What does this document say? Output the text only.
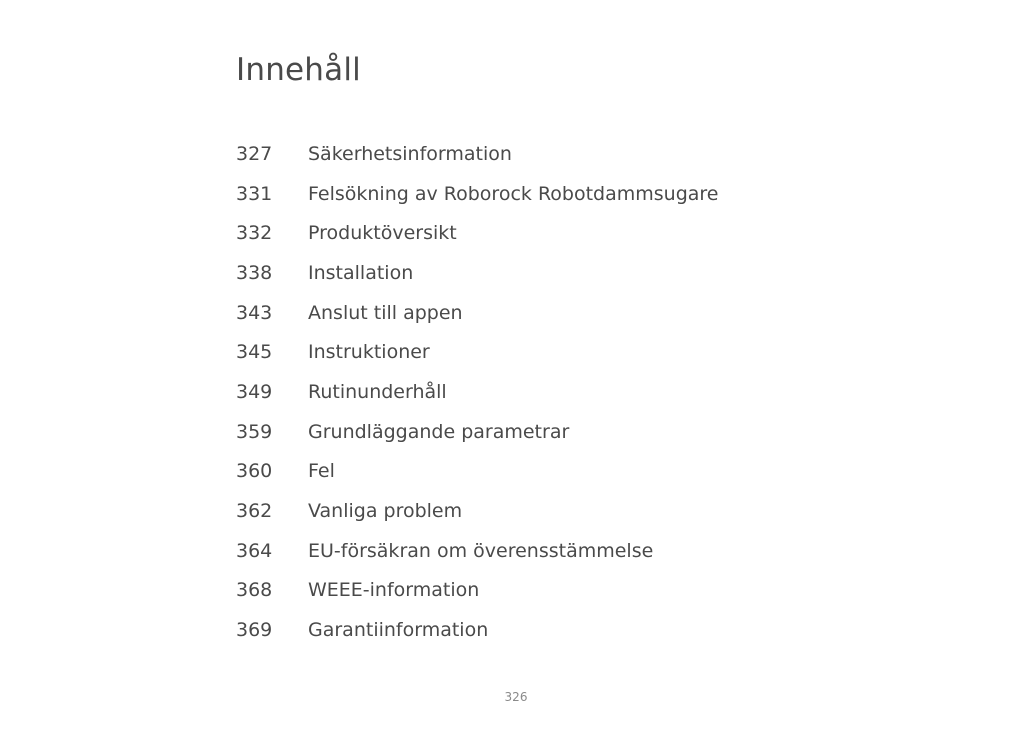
Innehåll
327	Säkerhetsinformation
331	Felsökning av Roborock Robotdammsugare
332	Produktöversikt
338	Installation
343	Anslut till appen
345	Instruktioner
349	Rutinunderhåll
359	Grundläggande parametrar
360	Fel
362	Vanliga problem
364	EU-försäkran om överensstämmelse
368	WEEE-information
369	Garantiinformation
326
